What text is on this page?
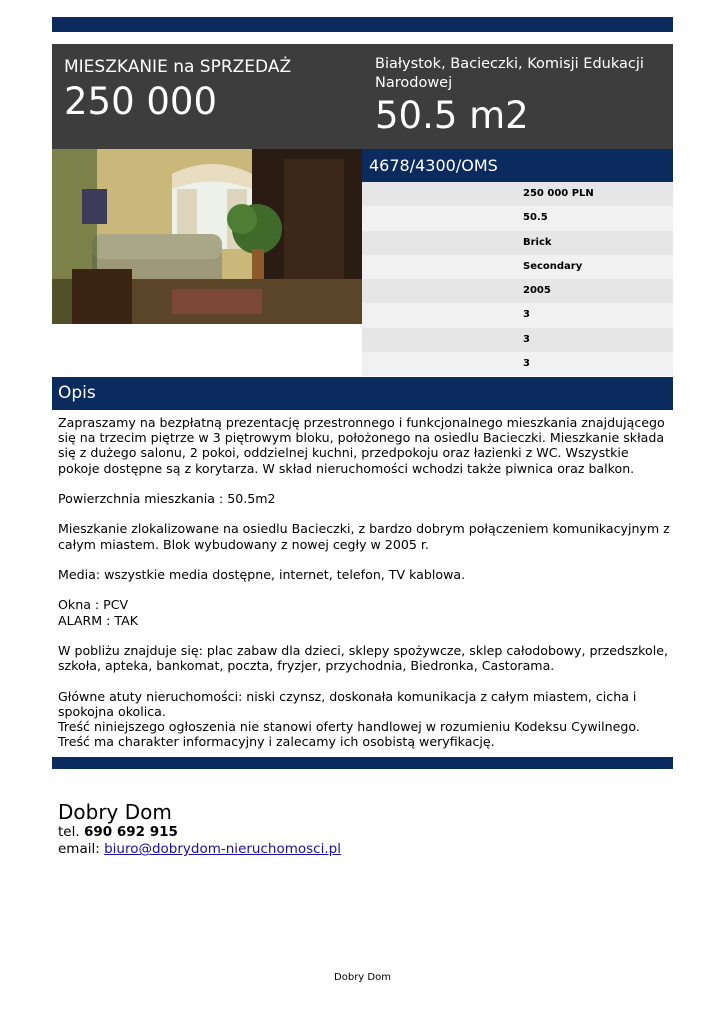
MIESZKANIE na SPRZEDAŻ
250 000
Białystok, Bacieczki, Komisji Edukacji Narodowej
50.5 m2
4678/4300/OMS
250 000 PLN
50.5
Brick
Secondary
2005
3
3
3
Opis

Zapraszamy na bezpłatną prezentację przestronnego i funkcjonalnego mieszkania znajdującego się na trzecim piętrze w 3 piętrowym bloku, położonego na osiedlu Bacieczki. Mieszkanie składa się z dużego salonu, 2 pokoi, oddzielnej kuchni, przedpokoju oraz łazienki z WC. Wszystkie pokoje dostępne są z korytarza. W skład nieruchomości wchodzi także piwnica oraz balkon.

Powierzchnia mieszkania : 50.5m2

Mieszkanie zlokalizowane na osiedlu Bacieczki, z bardzo dobrym połączeniem komunikacyjnym z całym miastem. Blok wybudowany z nowej cegły w 2005 r.

Media: wszystkie media dostępne, internet, telefon, TV kablowa.

Okna : PCV

ALARM : TAK

W pobliżu znajduje się: plac zabaw dla dzieci, sklepy spożywcze, sklep całodobowy, przedszkole, szkoła, apteka, bankomat, poczta, fryzjer, przychodnia, Biedronka, Castorama.

Główne atuty nieruchomości: niski czynsz, doskonała komunikacja z całym miastem, cicha i spokojna okolica.

Treść niniejszego ogłoszenia nie stanowi oferty handlowej w rozumieniu Kodeksu Cywilnego. Treść ma charakter informacyjny i zalecamy ich osobistą weryfikację.

Dobry Dom
tel. 690 692 915
email: biuro@dobrydom-nieruchomosci.pl
Dobry Dom
